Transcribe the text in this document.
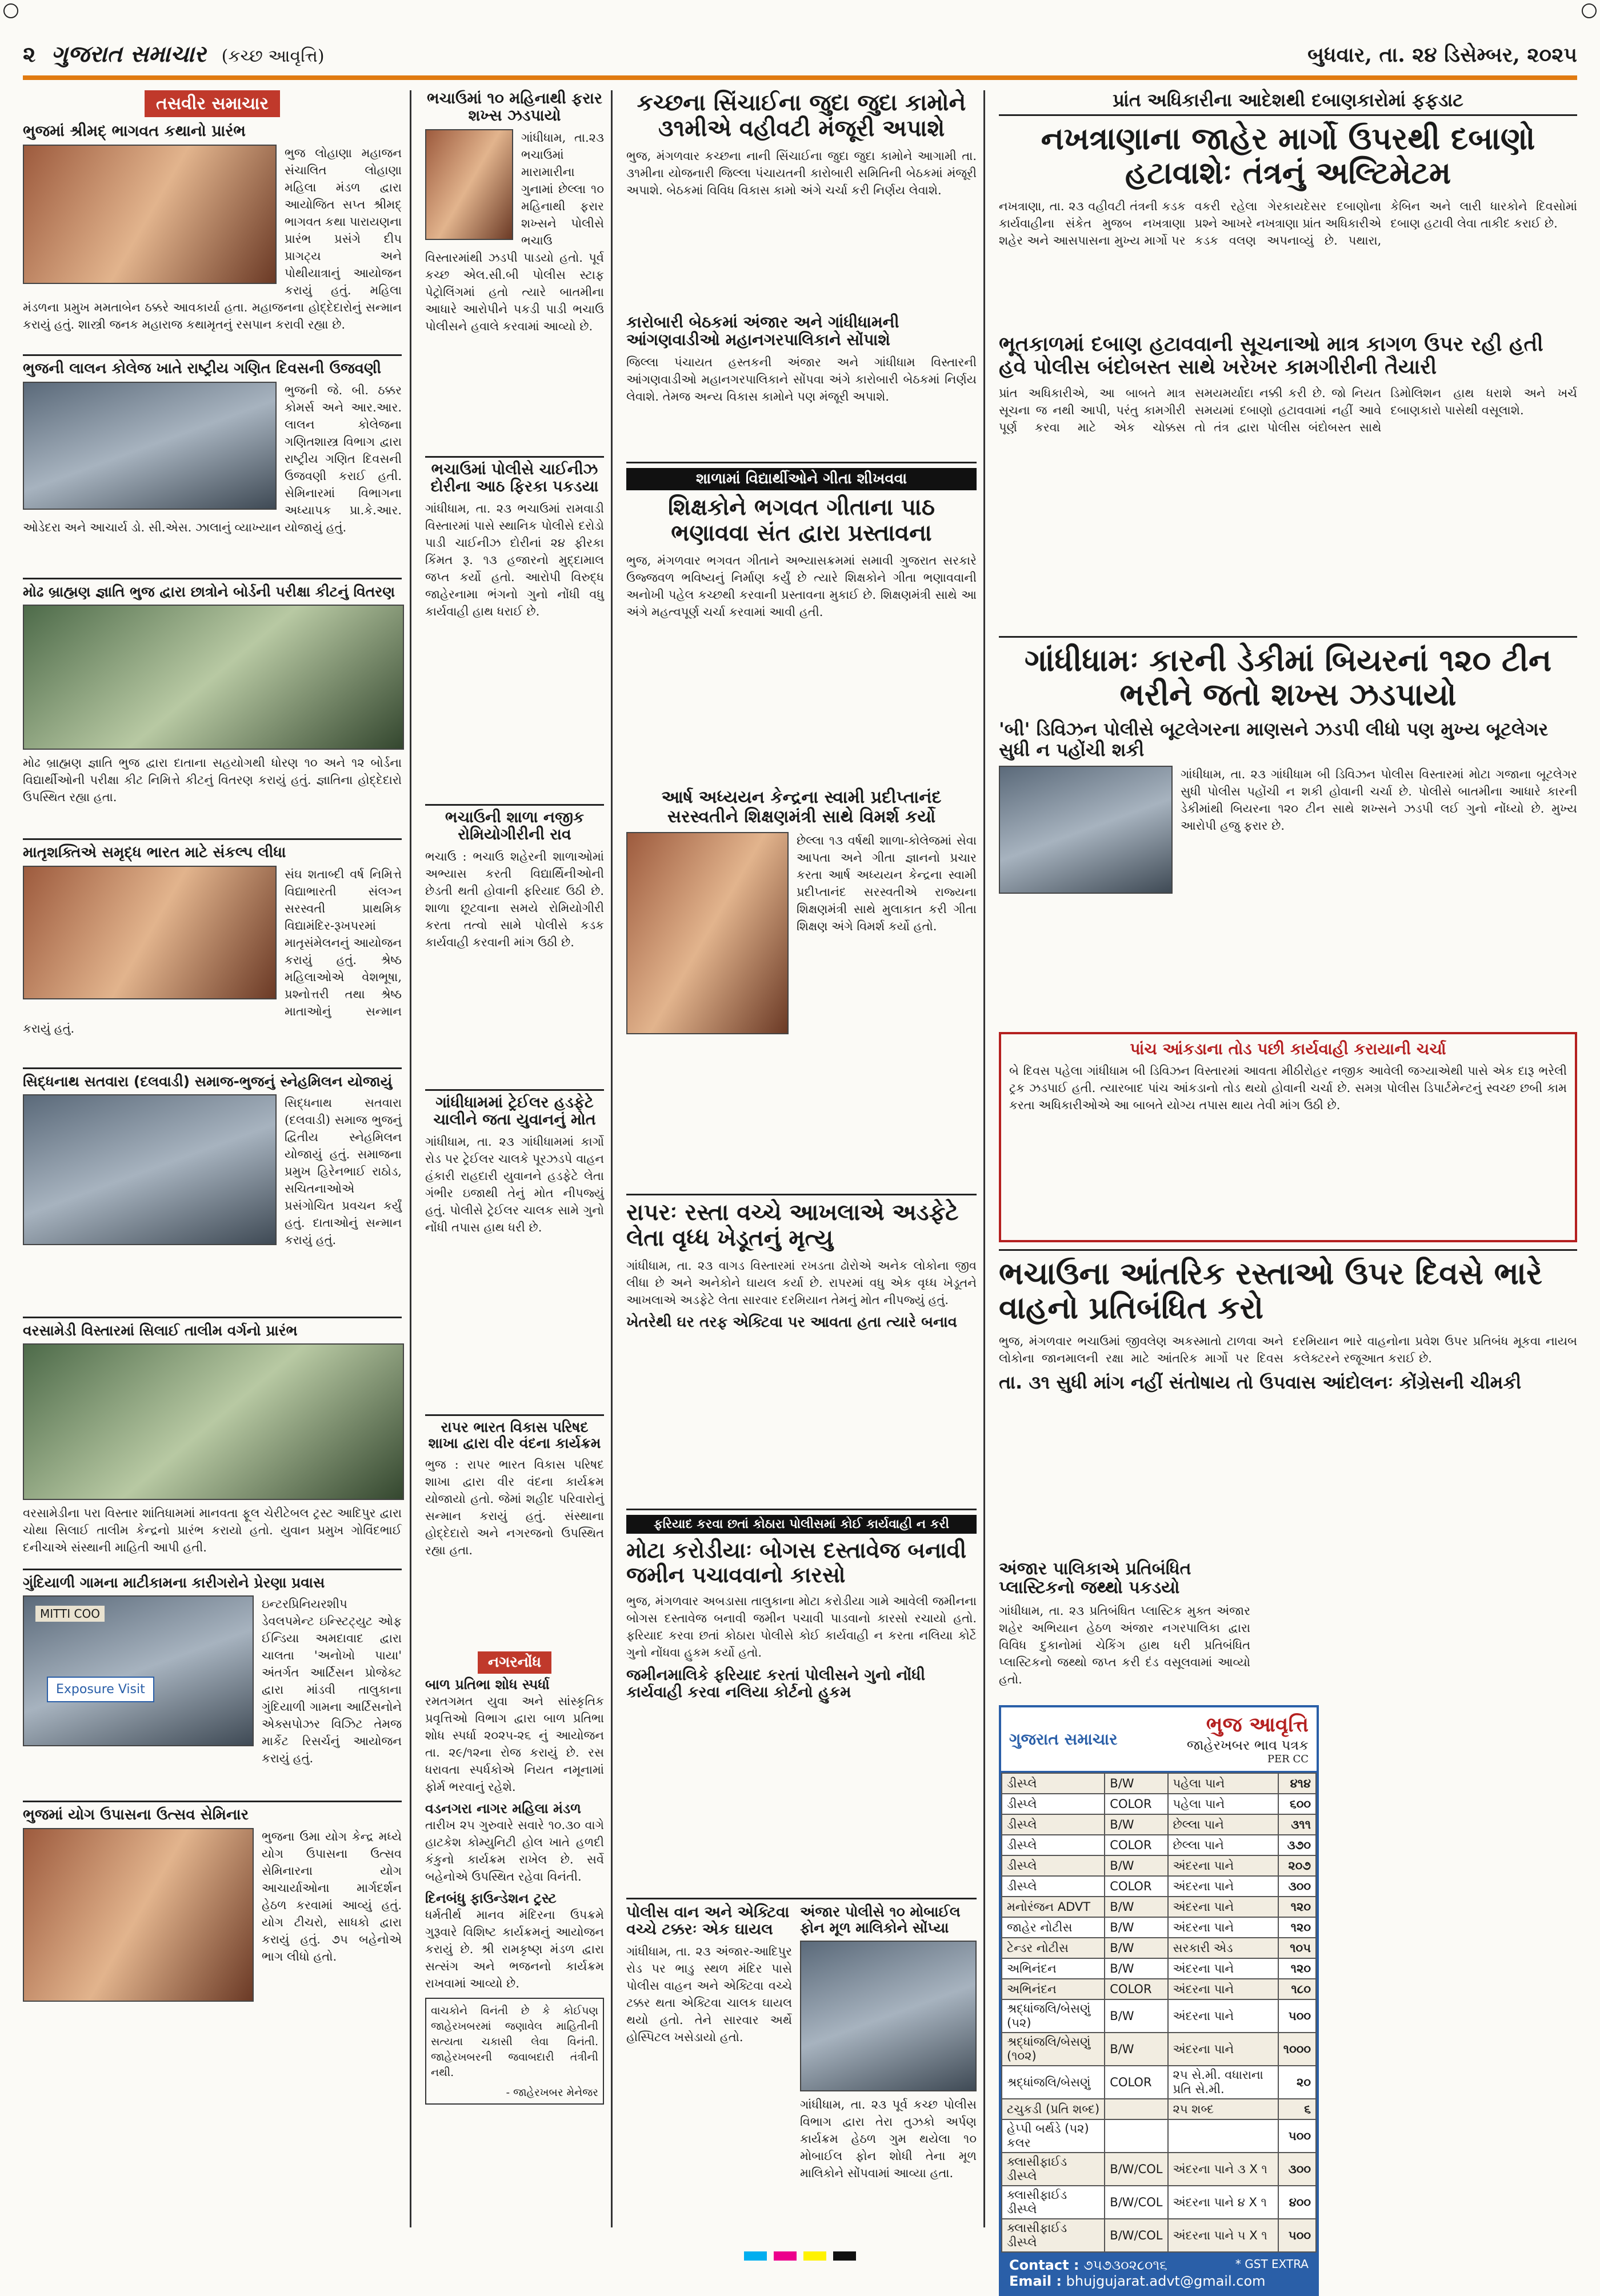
૨ ગુજરાત સમાચાર (કચ્છ આવૃત્તિ)	બુધવાર, તા. ૨૪ ડિસેમ્બર, ૨૦૨૫
તસવીર સમાચાર
ભુજમાં શ્રીમદ્ ભાગવત કથાનો પ્રારંભ

ભુજ લોહાણા મહાજન સંચાલિત લોહાણા મહિલા મંડળ દ્વારા આયોજિત સપ્ત શ્રીમદ્ ભાગવત કથા પારાયણના પ્રારંભ પ્રસંગે દીપ પ્રાગટ્ય અને પોથીયાત્રાનું આયોજન કરાયું હતું. મહિલા મંડળના પ્રમુખ મમતાબેન ઠક્કરે આવકાર્યા હતા. મહાજનના હોદ્દેદારોનું સન્માન કરાયું હતું. શાસ્ત્રી જનક મહારાજ કથામૃતનું રસપાન કરાવી રહ્યા છે.

ભુજની લાલન કોલેજ ખાતે રાષ્ટ્રીય ગણિત દિવસની ઉજવણી

ભુજની જે. બી. ઠક્કર કોમર્સ અને આર.આર. લાલન કોલેજના ગણિતશાસ્ત્ર વિભાગ દ્વારા રાષ્ટ્રીય ગણિત દિવસની ઉજવણી કરાઈ હતી. સેમિનારમાં વિભાગના અધ્યાપક પ્રા.કે.આર. ઓડેદરા અને આચાર્ય ડો. સી.એસ. ઝાલાનું વ્યાખ્યાન યોજાયું હતું.

મોઢ બ્રાહ્મણ જ્ઞાતિ ભુજ દ્વારા છાત્રોને બોર્ડની પરીક્ષા કીટનું વિતરણ

મોઢ બ્રાહ્મણ જ્ઞાતિ ભુજ દ્વારા દાતાના સહયોગથી ધોરણ ૧૦ અને ૧૨ બોર્ડના વિદ્યાર્થીઓની પરીક્ષા કીટ નિમિત્તે કીટનું વિતરણ કરાયું હતું. જ્ઞાતિના હોદ્દેદારો ઉપસ્થિત રહ્યા હતા.

માતૃશક્તિએ સમૃદ્ધ ભારત માટે સંકલ્પ લીધા

સંઘ શતાબ્દી વર્ષ નિમિત્તે વિદ્યાભારતી સંલગ્ન સરસ્વતી પ્રાથમિક વિદ્યામંદિર-રૂખપરમાં માતૃસંમેલનનું આયોજન કરાયું હતું. શ્રેષ્ઠ મહિલાઓએ વેશભૂષા, પ્રશ્નોત્તરી તથા શ્રેષ્ઠ માતાઓનું સન્માન કરાયું હતું.

સિદ્ધનાથ સતવારા (દલવાડી) સમાજ-ભુજનું સ્નેહમિલન યોજાયું

સિદ્ધનાથ સતવારા (દલવાડી) સમાજ ભુજનું દ્વિતીય સ્નેહમિલન યોજાયું હતું. સમાજના પ્રમુખ હિરેનભાઈ રાઠોડ, સચિતનાઓએ પ્રસંગોચિત પ્રવચન કર્યું હતું. દાતાઓનું સન્માન કરાયું હતું.

વરસામેડી વિસ્તારમાં સિલાઈ તાલીમ વર્ગનો પ્રારંભ

વરસામેડીના પરા વિસ્તાર શાંતિધામમાં માનવતા ફૂલ ચેરીટેબલ ટ્રસ્ટ આદિપુર દ્વારા ચોથા સિલાઈ તાલીમ કેન્દ્રનો પ્રારંભ કરાયો હતો. યુવાન પ્રમુખ ગોવિંદભાઈ દનીચાએ સંસ્થાની માહિતી આપી હતી.

ગુંદિયાળી ગામના માટીકામના કારીગરોને પ્રેરણા પ્રવાસ
MITTI COO
Exposure Visit

ઇન્ટરપ્રિનિયરશીપ ડેવલપમેન્ટ ઇન્સ્ટિટ્યુટ ઓફ ઈન્ડિયા અમદાવાદ દ્વારા ચાલતા 'અનોખો પાયા' અંતર્ગત આર્ટિસન પ્રોજેક્ટ દ્વારા માંડવી તાલુકાના ગુંદિયાળી ગામના આર્ટિસનોને એક્સપોઝર વિઝિટ તેમજ માર્કેટ રિસર્ચનું આયોજન કરાયું હતું.

ભુજમાં યોગ ઉપાસના ઉત્સવ સેમિનાર

ભુજના ઉમા યોગ કેન્દ્ર મધ્યે યોગ ઉપાસના ઉત્સવ સેમિનારના યોગ આચાર્યાઓના માર્ગદર્શન હેઠળ કરવામાં આવ્યું હતું. યોગ ટીચરો, સાધકો દ્વારા કરાયું હતું. ૭૫ બહેનોએ ભાગ લીધો હતો.

ભચાઉમાં ૧૦ મહિનાથી ફરાર શખ્સ ઝડપાયો

ગાંધીધામ, તા.૨૩ ભચાઉમાં મારામારીના ગુનામાં છેલ્લા ૧૦ મહિનાથી ફરાર શખ્સને પોલીસે ભચાઉ વિસ્તારમાંથી ઝડપી પાડયો હતો. પૂર્વ કચ્છ એલ.સી.બી પોલીસ સ્ટાફ પેટ્રોલિંગમાં હતો ત્યારે બાતમીના આધારે આરોપીને પકડી પાડી ભચાઉ પોલીસને હવાલે કરવામાં આવ્યો છે.

ભચાઉમાં પોલીસે ચાઈનીઝ દોરીના આઠ ફિરકા પકડયા

ગાંધીધામ, તા. ૨૩ ભચાઉમાં રામવાડી વિસ્તારમાં પાસે સ્થાનિક પોલીસે દરોડો પાડી ચાઈનીઝ દોરીનાં ૨૪ ફીરકા કિંમત રૂ. ૧૩ હજારનો મુદ્દામાલ જપ્ત કર્યો હતો. આરોપી વિરુદ્ધ જાહેરનામા ભંગનો ગુનો નોંધી વધુ કાર્યવાહી હાથ ધરાઈ છે.

ભચાઉની શાળા નજીક રોમિયોગીરીની રાવ

ભચાઉ : ભચાઉ શહેરની શાળાઓમાં અભ્યાસ કરતી વિદ્યાર્થિનીઓની છેડતી થતી હોવાની ફરિયાદ ઉઠી છે. શાળા છૂટવાના સમયે રોમિયોગીરી કરતા તત્વો સામે પોલીસે કડક કાર્યવાહી કરવાની માંગ ઉઠી છે.

ગાંધીધામમાં ટ્રેઈલર હડફેટે ચાલીને જતા યુવાનનું મોત

ગાંધીધામ, તા. ૨૩ ગાંધીધામમાં કાર્ગો રોડ પર ટ્રેઈલર ચાલકે પૂરઝડપે વાહન હંકારી રાહદારી યુવાનને હડફેટે લેતા ગંભીર ઇજાથી તેનું મોત નીપજ્યું હતું. પોલીસે ટ્રેઈલર ચાલક સામે ગુનો નોંધી તપાસ હાથ ધરી છે.

રાપર ભારત વિકાસ પરિષદ શાખા દ્વારા વીર વંદના કાર્યક્રમ

ભુજ : રાપર ભારત વિકાસ પરિષદ શાખા દ્વારા વીર વંદના કાર્યક્રમ યોજાયો હતો. જેમાં શહીદ પરિવારોનું સન્માન કરાયું હતું. સંસ્થાના હોદ્દેદારો અને નગરજનો ઉપસ્થિત રહ્યા હતા.

નગરનોંધ
બાળ પ્રતિભા શોધ સ્પર્ધા

રમતગમત યુવા અને સાંસ્કૃતિક પ્રવૃત્તિઓ વિભાગ દ્વારા બાળ પ્રતિભા શોધ સ્પર્ધા ૨૦૨૫-૨૬ નું આયોજન તા. ૨૯/૧૨ના રોજ કરાયું છે. રસ ધરાવતા સ્પર્ધકોએ નિયત નમૂનામાં ફોર્મ ભરવાનું રહેશે.

વડનગરા નાગર મહિલા મંડળ

તારીખ ૨૫ ગુરુવારે સવારે ૧૦.૩૦ વાગે હાટકેશ કોમ્યુનિટી હોલ ખાતે હળદી કંકુનો કાર્યક્રમ રાખેલ છે. સર્વે બહેનોએ ઉપસ્થિત રહેવા વિનંતી.

દિનબંધુ ફાઉન્ડેશન ટ્રસ્ટ

ધર્મતીર્થ માનવ મંદિરના ઉપક્રમે ગુરૂવારે વિશિષ્ટ કાર્યક્રમનું આયોજન કરાયું છે. શ્રી રામકૃષ્ણ મંડળ દ્વારા સત્સંગ અને ભજનનો કાર્યક્રમ રાખવામાં આવ્યો છે.

વાચકોને વિનંતી છે કે કોઈપણ જાહેરખબરમાં જણાવેલ માહિતીની સત્યતા ચકાસી લેવા વિનંતી. જાહેરખબરની જવાબદારી તંત્રીની નથી.

- જાહેરખબર મેનેજર
કચ્છના સિંચાઈના જુદા જુદા કામોને ૩૧મીએ વહીવટી મંજૂરી અપાશે

ભુજ, મંગળવાર કચ્છના નાની સિંચાઈના જુદા જુદા કામોને આગામી તા. ૩૧મીના યોજનારી જિલ્લા પંચાયતની કારોબારી સમિતિની બેઠકમાં મંજૂરી અપાશે. બેઠકમાં વિવિધ વિકાસ કામો અંગે ચર્ચા કરી નિર્ણય લેવાશે.

કારોબારી બેઠકમાં અંજાર અને ગાંધીધામની આંગણવાડીઓ મહાનગરપાલિકાને સોંપાશે

જિલ્લા પંચાયત હસ્તકની અંજાર અને ગાંધીધામ વિસ્તારની આંગણવાડીઓ મહાનગરપાલિકાને સોંપવા અંગે કારોબારી બેઠકમાં નિર્ણય લેવાશે. તેમજ અન્ય વિકાસ કામોને પણ મંજૂરી અપાશે.

શાળામાં વિદ્યાર્થીઓને ગીતા શીખવવા
શિક્ષકોને ભગવત ગીતાના પાઠ ભણાવવા સંત દ્વારા પ્રસ્તાવના

ભુજ, મંગળવાર ભગવત ગીતાને અભ્યાસક્રમમાં સમાવી ગુજરાત સરકારે ઉજ્જવળ ભવિષ્યનું નિર્માણ કર્યું છે ત્યારે શિક્ષકોને ગીતા ભણાવવાની અનોખી પહેલ કચ્છથી કરવાની પ્રસ્તાવના મુકાઈ છે. શિક્ષણમંત્રી સાથે આ અંગે મહત્વપૂર્ણ ચર્ચા કરવામાં આવી હતી.

આર્ષ અધ્યયન કેન્દ્રના સ્વામી પ્રદીપ્તાનંદ સરસ્વતીને શિક્ષણમંત્રી સાથે વિમર્શ કર્યો

છેલ્લા ૧૩ વર્ષથી શાળા-કોલેજમાં સેવા આપતા અને ગીતા જ્ઞાનનો પ્રચાર કરતા આર્ષ અધ્યયન કેન્દ્રના સ્વામી પ્રદીપ્તાનંદ સરસ્વતીએ રાજ્યના શિક્ષણમંત્રી સાથે મુલાકાત કરી ગીતા શિક્ષણ અંગે વિમર્શ કર્યો હતો.

રાપરઃ રસ્તા વચ્ચે આખલાએ અડફેટે લેતા વૃધ્ધ ખેડૂતનું મૃત્યુ

ગાંધીધામ, તા. ૨૩ વાગડ વિસ્તારમાં રખડતા ઢોરોએ અનેક લોકોના જીવ લીધા છે અને અનેકોને ઘાયલ કર્યા છે. રાપરમાં વધુ એક વૃધ્ધ ખેડૂતને આખલાએ અડફેટે લેતા સારવાર દરમિયાન તેમનું મોત નીપજ્યું હતું.

ખેતરેથી ઘર તરફ એક્ટિવા પર આવતા હતા ત્યારે બનાવ
ફરિયાદ કરવા છતાં કોઠારા પોલીસમાં કોઈ કાર્યવાહી ન કરી
મોટા કરોડીયાઃ બોગસ દસ્તાવેજ બનાવી જમીન પચાવવાનો કારસો

ભુજ, મંગળવાર અબડાસા તાલુકાના મોટા કરોડીયા ગામે આવેલી જમીનના બોગસ દસ્તાવેજ બનાવી જમીન પચાવી પાડવાનો કારસો રચાયો હતો. ફરિયાદ કરવા છતાં કોઠારા પોલીસે કોઈ કાર્યવાહી ન કરતા નલિયા કોર્ટે ગુનો નોંધવા હુકમ કર્યો હતો.

જમીનમાલિકે ફરિયાદ કરતાં પોલીસને ગુનો નોંધી કાર્યવાહી કરવા નલિયા કોર્ટનો હુકમ
પોલીસ વાન અને એક્ટિવા વચ્ચે ટક્કરઃ એક ઘાયલ

ગાંધીધામ, તા. ૨૩ અંજાર-આદિપુર રોડ પર ભાડુ સ્થળ મંદિર પાસે પોલીસ વાહન અને એક્ટિવા વચ્ચે ટક્કર થતા એક્ટિવા ચાલક ઘાયલ થયો હતો. તેને સારવાર અર્થે હોસ્પિટલ ખસેડાયો હતો.

અંજાર પોલીસે ૧૦ મોબાઈલ ફોન મૂળ માલિકોને સોંપ્યા

ગાંધીધામ, તા. ૨૩ પૂર્વ કચ્છ પોલીસ વિભાગ દ્વારા તેરા તુઝકો અર્પણ કાર્યક્રમ હેઠળ ગુમ થયેલા ૧૦ મોબાઈલ ફોન શોધી તેના મૂળ માલિકોને સોંપવામાં આવ્યા હતા.

પ્રાંત અધિકારીના આદેશથી દબાણકારોમાં ફફડાટ
નખત્રાણાના જાહેર માર્ગો ઉપરથી દબાણો હટાવાશેઃ તંત્રનું અલ્ટિમેટમ

નખત્રાણા, તા. ૨૩ વહીવટી તંત્રની કડક કાર્યવાહીના સંકેત મુજબ નખત્રાણા શહેર અને આસપાસના મુખ્ય માર્ગો પર વકરી રહેલા ગેરકાયદેસર દબાણોના પ્રશ્ને આખરે નખત્રાણા પ્રાંત અધિકારીએ કડક વલણ અપનાવ્યું છે. પથારા, કેબિન અને લારી ધારકોને દિવસોમાં દબાણ હટાવી લેવા તાકીદ કરાઈ છે.

ભૂતકાળમાં દબાણ હટાવવાની સૂચનાઓ માત્ર કાગળ ઉપર રહી હતી હવે પોલીસ બંદોબસ્ત સાથે ખરેખર કામગીરીની તૈયારી

પ્રાંત અધિકારીએ, આ બાબતે માત્ર સૂચના જ નથી આપી, પરંતુ કામગીરી પૂર્ણ કરવા માટે એક ચોક્કસ સમયમર્યાદા નક્કી કરી છે. જો નિયત સમયમાં દબાણો હટાવવામાં નહીં આવે તો તંત્ર દ્વારા પોલીસ બંદોબસ્ત સાથે ડિમોલિશન હાથ ધરાશે અને ખર્ચ દબાણકારો પાસેથી વસૂલાશે.

ગાંધીધામઃ કારની ડેકીમાં બિયરનાં ૧૨૦ ટીન ભરીને જતો શખ્સ ઝડપાયો
'બી' ડિવિઝન પોલીસે બૂટલેગરના માણસને ઝડપી લીધો પણ મુખ્ય બૂટલેગર સુધી ન પહોંચી શકી

ગાંધીધામ, તા. ૨૩ ગાંધીધામ બી ડિવિઝન પોલીસ વિસ્તારમાં મોટા ગજાના બૂટલેગર સુધી પોલીસ પહોંચી ન શકી હોવાની ચર્ચા છે. પોલીસે બાતમીના આધારે કારની ડેકીમાંથી બિયરના ૧૨૦ ટીન સાથે શખ્સને ઝડપી લઈ ગુનો નોંધ્યો છે. મુખ્ય આરોપી હજુ ફરાર છે.

પાંચ આંકડાના તોડ પછી કાર્યવાહી કરાયાની ચર્ચા

બે દિવસ પહેલા ગાંધીધામ બી ડિવિઝન વિસ્તારમાં આવતા મીઠીરોહર નજીક આવેલી જગ્યાએથી પાસે એક દારૂ ભરેલી ટ્રક ઝડપાઈ હતી. ત્યારબાદ પાંચ આંકડાનો તોડ થયો હોવાની ચર્ચા છે. સમગ્ર પોલીસ ડિપાર્ટમેન્ટનું સ્વચ્છ છબી કામ કરતા અધિકારીઓએ આ બાબતે યોગ્ય તપાસ થાય તેવી માંગ ઉઠી છે.

ભચાઉના આંતરિક રસ્તાઓ ઉપર દિવસે ભારે વાહનો પ્રતિબંધિત કરો

ભુજ, મંગળવાર ભચાઉમાં જીવલેણ અકસ્માતો ટાળવા અને લોકોના જાનમાલની રક્ષા માટે આંતરિક માર્ગો પર દિવસ દરમિયાન ભારે વાહનોના પ્રવેશ ઉપર પ્રતિબંધ મૂકવા નાયબ કલેક્ટરને રજૂઆત કરાઈ છે.

તા. ૩૧ સુધી માંગ નહીં સંતોષાય તો ઉપવાસ આંદોલનઃ કોંગ્રેસની ચીમકી
અંજાર પાલિકાએ પ્રતિબંધિત પ્લાસ્ટિકનો જથ્થો પકડયો

ગાંધીધામ, તા. ૨૩ પ્રતિબંધિત પ્લાસ્ટિક મુક્ત અંજાર શહેર અભિયાન હેઠળ અંજાર નગરપાલિકા દ્વારા વિવિધ દુકાનોમાં ચેકિંગ હાથ ધરી પ્રતિબંધિત પ્લાસ્ટિકનો જથ્થો જપ્ત કરી દંડ વસૂલવામાં આવ્યો હતો.

ગુજરાત સમાચાર
ભુજ આવૃત્તિ
જાહેરખબર ભાવ પત્રક
PER CC
ડીસ્પ્લે	B/W	પહેલા પાને	૪૧૪
ડીસ્પ્લે	COLOR	પહેલા પાને	૬૦૦
ડીસ્પ્લે	B/W	છેલ્લા પાને	૩૧૧
ડીસ્પ્લે	COLOR	છેલ્લા પાને	૩૭૦
ડીસ્પ્લે	B/W	અંદરના પાને	૨૦૭
ડીસ્પ્લે	COLOR	અંદરના પાને	૩૦૦
મનોરંજન ADVT	B/W	અંદરના પાને	૧૨૦
જાહેર નોટીસ	B/W	અંદરના પાને	૧૨૦
ટેન્ડર નોટીસ	B/W	સરકારી એડ	૧૦૫
અભિનંદન	B/W	અંદરના પાને	૧૨૦
અભિનંદન	COLOR	અંદરના પાને	૧૮૦
શ્રદ્ધાંજલિ/બેસણું (૫૨)	B/W	અંદરના પાને	૫૦૦
શ્રદ્ધાંજલિ/બેસણું (૧૦૨)	B/W	અંદરના પાને	૧૦૦૦
શ્રદ્ધાંજલિ/બેસણું	COLOR	૨૫ સે.મી. વધારાના પ્રતિ સે.મી.	૨૦
ટચુકડી (પ્રતિ શબ્દ)		૨૫ શબ્દ	૬
હેપ્પી બર્થડે (૫૨) કલર			૫૦૦
ક્લાસીફાઈડ ડીસ્પ્લે	B/W/COL	અંદરના પાને ૩ X ૧	૩૦૦
ક્લાસીફાઈડ ડીસ્પ્લે	B/W/COL	અંદરના પાને ૪ X ૧	૪૦૦
ક્લાસીફાઈડ ડીસ્પ્લે	B/W/COL	અંદરના પાને ૫ X ૧	૫૦૦
Contact : ૭૫૭૩૦૨૮૦૧૬	* GST EXTRA
Email : bhujgujarat.advt@gmail.com
